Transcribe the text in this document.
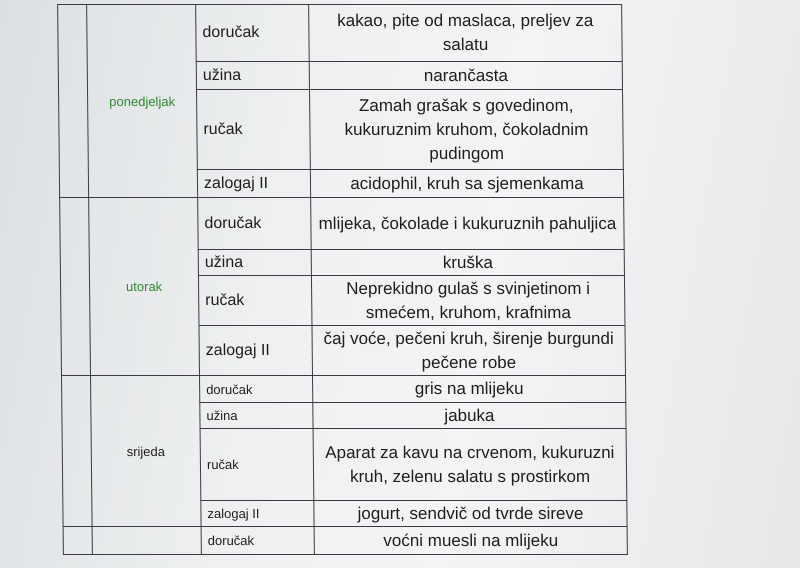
	ponedjeljak	doručak	kakao, pite od maslaca, preljev za salatu
		užina	narančasta
		ručak	Zamah grašak s govedinom, kukuruznim kruhom, čokoladnim pudingom
		zalogaj II	acidophil, kruh sa sjemenkama
	utorak	doručak	mlijeka, čokolade i kukuruznih pahuljica
		užina	kruška
		ručak	Neprekidno gulaš s svinjetinom i smećem, kruhom, krafnima
		zalogaj II	čaj voće, pečeni kruh, širenje burgundi pečene robe
	srijeda	doručak	gris na mlijeku
		užina	jabuka
		ručak	Aparat za kavu na crvenom, kukuruzni kruh, zelenu salatu s prostirkom
		zalogaj II	jogurt, sendvič od tvrde sireve
		doručak	voćni muesli na mlijeku
